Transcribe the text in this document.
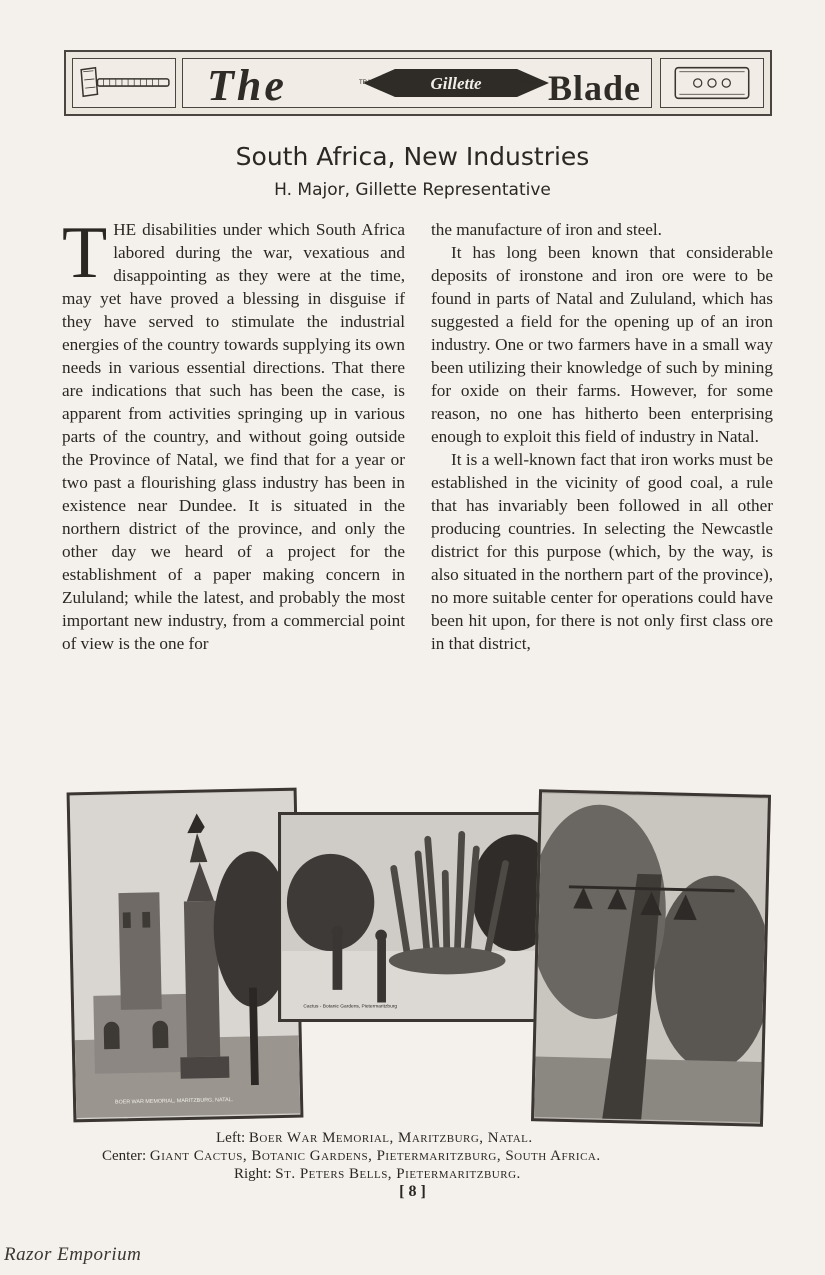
The	TRADE	Gillette	MARK Blade
South Africa, New Industries
H. Major, Gillette Representative
T HE disabilities under which South Africa labored during the war, vexatious and disappointing as they were at the time, may yet have proved a blessing in disguise if they have served to stimulate the industrial energies of the country towards supplying its own needs in various essential directions. That there are indications that such has been the case, is apparent from activities springing up in various parts of the country, and without going outside the Province of Natal, we find that for a year or two past a flourishing glass industry has been in existence near Dundee. It is situated in the northern district of the province, and only the other day we heard of a project for the establishment of a paper making concern in Zululand; while the latest, and probably the most important new industry, from a commercial point of view is the one for

the manufacture of iron and steel.

It has long been known that considerable deposits of ironstone and iron ore were to be found in parts of Natal and Zululand, which has suggested a field for the opening up of an iron industry. One or two farmers have in a small way been utilizing their knowledge of such by mining for oxide on their farms. However, for some reason, no one has hitherto been enterprising enough to exploit this field of industry in Natal.

It is a well-known fact that iron works must be established in the vicinity of good coal, a rule that has invariably been followed in all other producing countries. In selecting the Newcastle district for this purpose (which, by the way, is also situated in the northern part of the province), no more suitable center for operations could have been hit upon, for there is not only first class ore in that district,

BOER WAR MEMORIAL, MARITZBURG, NATAL.
Cactus - Botanic Gardens, Pietermaritzburg
Left: Boer War Memorial, Maritzburg, Natal.
Center: Giant Cactus, Botanic Gardens, Pietermaritzburg, South Africa.
Right: St. Peters Bells, Pietermaritzburg.
[ 8 ]
Razor Emporium
